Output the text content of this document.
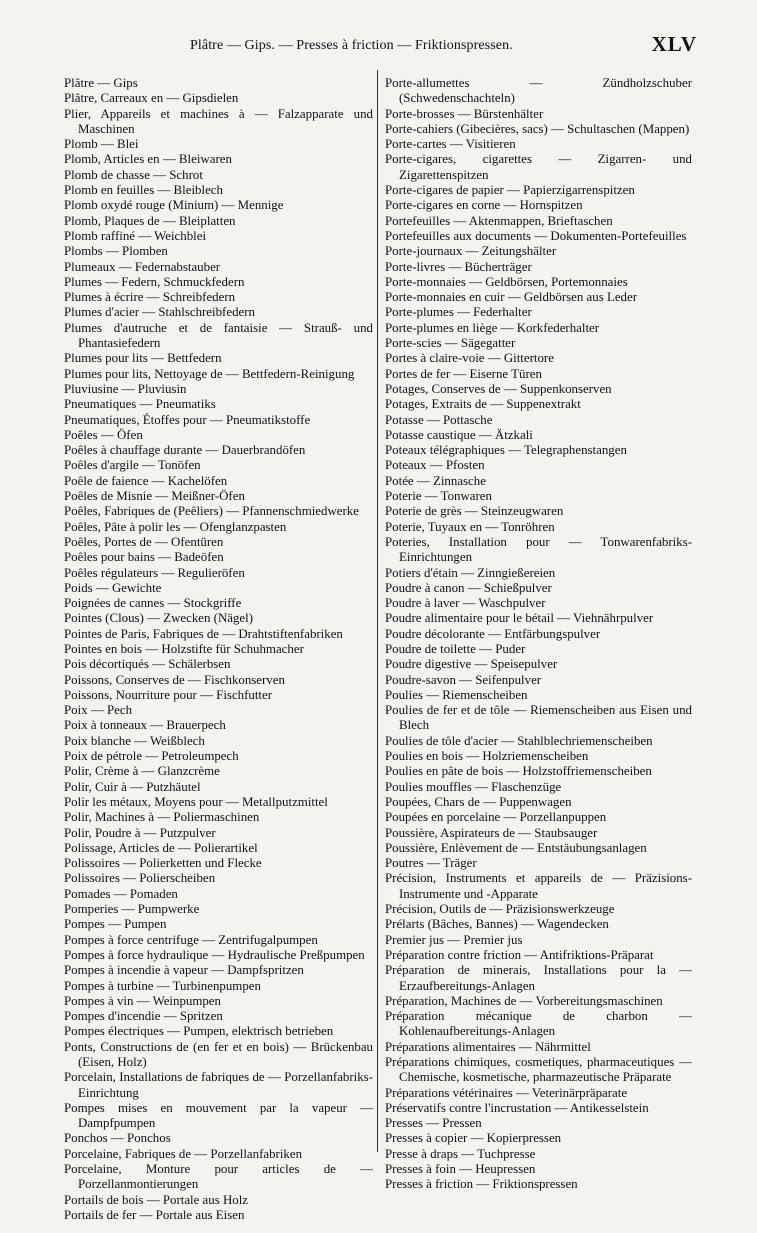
Plâtre — Gips. — Presses à friction — Friktionspressen.	XLV
Plâtre — Gips
Plâtre, Carreaux en — Gipsdielen
Plier, Appareils et machines à — Falzapparate und Maschinen
Plomb — Blei
Plomb, Articles en — Bleiwaren
Plomb de chasse — Schrot
Plomb en feuilles — Bleiblech
Plomb oxydé rouge (Minium) — Mennige
Plomb, Plaques de — Bleiplatten
Plomb raffiné — Weichblei
Plombs — Plomben
Plumeaux — Federnabstauber
Plumes — Federn, Schmuckfedern
Plumes à écrire — Schreibfedern
Plumes d'acier — Stahlschreibfedern
Plumes d'autruche et de fantaisie — Strauß- und Phantasiefedern
Plumes pour lits — Bettfedern
Plumes pour lits, Nettoyage de — Bettfedern-Reinigung
Pluviusine — Pluviusin
Pneumatiques — Pneumatiks
Pneumatiques, Étoffes pour — Pneumatikstoffe
Poêles — Öfen
Poêles à chauffage durante — Dauerbrandöfen
Poêles d'argile — Tonöfen
Poêle de faience — Kachelöfen
Poêles de Misnie — Meißner-Öfen
Poêles, Fabriques de (Peêliers) — Pfannenschmiedwerke
Poêles, Pâte à polir les — Ofenglanzpasten
Poêles, Portes de — Ofentüren
Poêles pour bains — Badeöfen
Poêles régulateurs — Regulieröfen
Poids — Gewichte
Poignées de cannes — Stockgriffe
Pointes (Clous) — Zwecken (Nägel)
Pointes de Paris, Fabriques de — Drahtstiftenfabriken
Pointes en bois — Holzstifte für Schuhmacher
Pois décortiqués — Schälerbsen
Poissons, Conserves de — Fischkonserven
Poissons, Nourriture pour — Fischfutter
Poix — Pech
Poix à tonneaux — Brauerpech
Poix blanche — Weißblech
Poix de pétrole — Petroleumpech
Polir, Crème à — Glanzcrème
Polir, Cuir à — Putzhäutel
Polir les métaux, Moyens pour — Metallputzmittel
Polir, Machines à — Poliermaschinen
Polir, Poudre à — Putzpulver
Polissage, Articles de — Polierartikel
Polissoires — Polierketten und Flecke
Polissoires — Polierscheiben
Pomades — Pomaden
Pomperies — Pumpwerke
Pompes — Pumpen
Pompes à force centrifuge — Zentrifugalpumpen
Pompes à force hydraulique — Hydraulische Preßpumpen
Pompes à incendie à vapeur — Dampfspritzen
Pompes à turbine — Turbinenpumpen
Pompes à vin — Weinpumpen
Pompes d'incendie — Spritzen
Pompes électriques — Pumpen, elektrisch betrieben
Ponts, Constructions de (en fer et en bois) — Brückenbau (Eisen, Holz)
Porcelain, Installations de fabriques de — Porzellanfabriks-Einrichtung
Pompes mises en mouvement par la vapeur — Dampfpumpen
Ponchos — Ponchos
Porcelaine, Fabriques de — Porzellanfabriken
Porcelaine, Monture pour articles de — Porzellanmontierungen
Portails de bois — Portale aus Holz
Portails de fer — Portale aus Eisen
Porte-allumettes — Zündholzschuber (Schwedenschachteln)
Porte-brosses — Bürstenhälter
Porte-cahiers (Gibecières, sacs) — Schultaschen (Mappen)
Porte-cartes — Visitieren
Porte-cigares, cigarettes — Zigarren- und Zigarettenspitzen
Porte-cigares de papier — Papierzigarrenspitzen
Porte-cigares en corne — Hornspitzen
Portefeuilles — Aktenmappen, Brieftaschen
Portefeuilles aux documents — Dokumenten-Portefeuilles
Porte-journaux — Zeitungshälter
Porte-livres — Bücherträger
Porte-monnaies — Geldbörsen, Portemonnaies
Porte-monnaies en cuir — Geldbörsen aus Leder
Porte-plumes — Federhalter
Porte-plumes en liège — Korkfederhalter
Porte-scies — Sägegatter
Portes à claire-voie — Gittertore
Portes de fer — Eiserne Türen
Potages, Conserves de — Suppenkonserven
Potages, Extraits de — Suppenextrakt
Potasse — Pottasche
Potasse caustique — Ätzkali
Poteaux télégraphiques — Telegraphenstangen
Poteaux — Pfosten
Potée — Zinnasche
Poterie — Tonwaren
Poterie de grès — Steinzeugwaren
Poterie, Tuyaux en — Tonröhren
Poteries, Installation pour — Tonwarenfabriks-Einrichtungen
Potiers d'étain — Zinngießereien
Poudre à canon — Schießpulver
Poudre à laver — Waschpulver
Poudre alimentaire pour le bétail — Viehnährpulver
Poudre décolorante — Entfärbungspulver
Poudre de toilette — Puder
Poudre digestive — Speisepulver
Poudre-savon — Seifenpulver
Poulies — Riemenscheiben
Poulies de fer et de tôle — Riemenscheiben aus Eisen und Blech
Poulies de tôle d'acier — Stahlblechriemenscheiben
Poulies en bois — Holzriemenscheiben
Poulies en pâte de bois — Holzstoffriemenscheiben
Poulies mouffles — Flaschenzüge
Poupées, Chars de — Puppenwagen
Poupées en porcelaine — Porzellanpuppen
Poussière, Aspirateurs de — Staubsauger
Poussière, Enlèvement de — Entstäubungsanlagen
Poutres — Träger
Précision, Instruments et appareils de — Präzisions-Instrumente und -Apparate
Précision, Outils de — Präzisionswerkzeuge
Prélarts (Bâches, Bannes) — Wagendecken
Premier jus — Premier jus
Préparation contre friction — Antifriktions-Präparat
Préparation de minerais, Installations pour la — Erzaufbereitungs-Anlagen
Préparation, Machines de — Vorbereitungsmaschinen
Préparation mécanique de charbon — Kohlenaufbereitungs-Anlagen
Préparations alimentaires — Nährmittel
Préparations chimiques, cosmetiques, pharmaceutiques — Chemische, kosmetische, pharmazeutische Präparate
Préparations vétérinaires — Veterinärpräparate
Préservatifs contre l'incrustation — Antikesselstein
Presses — Pressen
Presses à copier — Kopierpressen
Presse à draps — Tuchpresse
Presses à foin — Heupressen
Presses à friction — Friktionspressen
